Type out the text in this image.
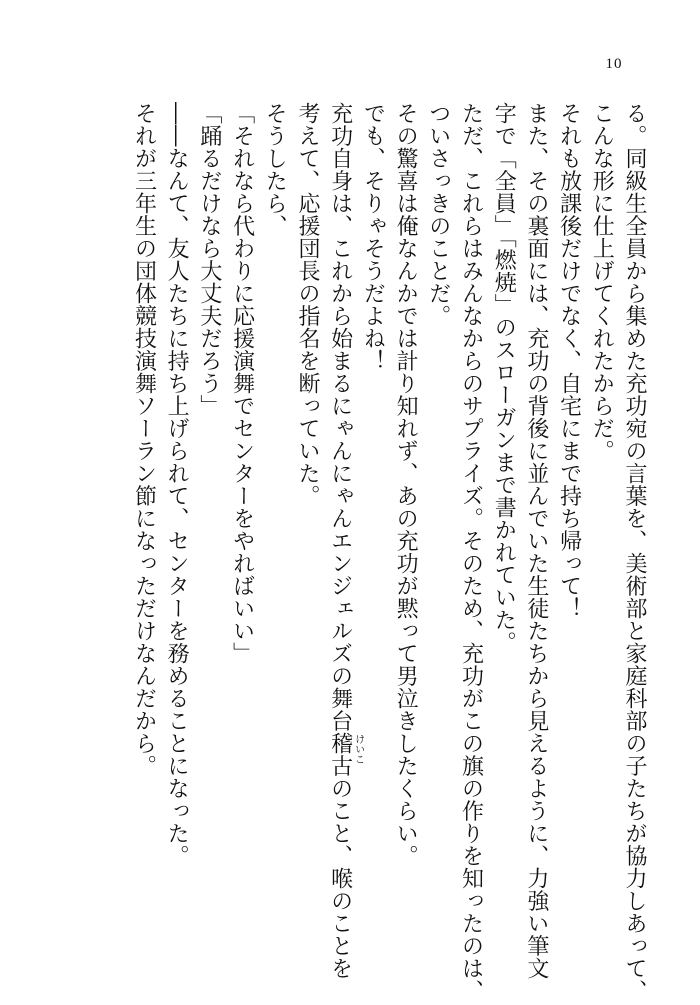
10
る。同級生全員から集めた充功宛の言葉を、美術部と家庭科部の子たちが協力しあって、
こんな形に仕上げてくれたからだ。
それも放課後だけでなく、自宅にまで持ち帰って！
また、その裏面には、充功の背後に並んでいた生徒たちから見えるように、力強い筆文
字で「全員」「燃焼」のスローガンまで書かれていた。
ただ、これらはみんなからのサプライズ。そのため、充功がこの旗の作りを知ったのは、
ついさっきのことだ。
その驚喜は俺なんかでは計り知れず、あの充功が黙って男泣きしたくらい。
でも、そりゃそうだよね！
充功自身は、これから始まるにゃんにゃんエンジェルズの舞台稽古 けいこ
のこと、喉のことを
考えて、応援団長の指名を断っていた。
そうしたら、
「それなら代わりに応援演舞でセンターをやればいい」
「踊るだけなら大丈夫だろう」
――なんて、友人たちに持ち上げられて、センターを務めることになった。
それが三年生の団体競技演舞ソーラン節になっただけなんだから。
